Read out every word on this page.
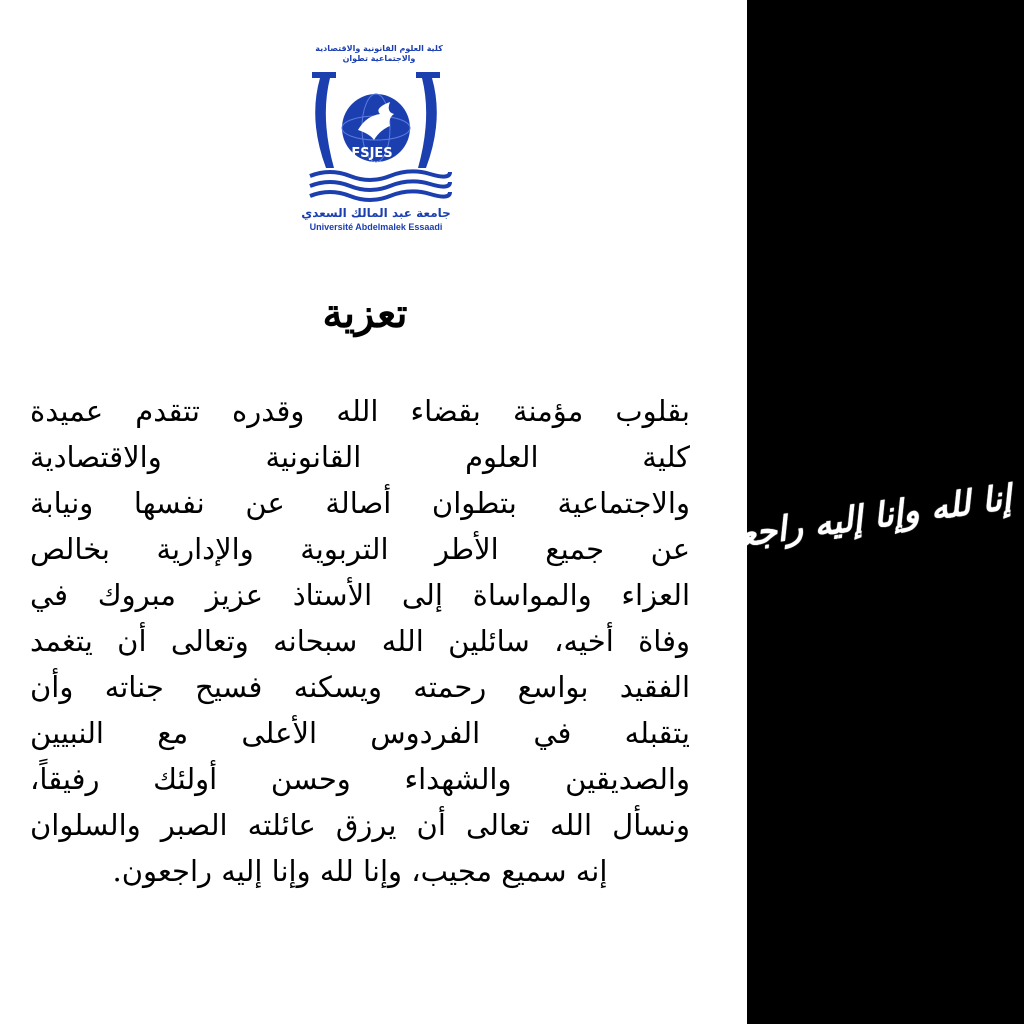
كلية العلوم القانونية والاقتصادية والاجتماعية تطوان
FSJES
TETOUAN
جامعة عبد المالك السعدي
Université Abdelmalek Essaadi
تعزية
بقلوب مؤمنة بقضاء الله وقدره تتقدم عميدة
كلية العلوم القانونية والاقتصادية
والاجتماعية بتطوان أصالة عن نفسها ونيابة
عن جميع الأطر التربوية والإدارية بخالص
العزاء والمواساة إلى الأستاذ عزيز مبروك في
وفاة أخيه، سائلين الله سبحانه وتعالى أن يتغمد
الفقيد بواسع رحمته ويسكنه فسيح جناته وأن
يتقبله في الفردوس الأعلى مع النبيين
والصديقين والشهداء وحسن أولئك رفيقاً،
ونسأل الله تعالى أن يرزق عائلته الصبر والسلوان
إنه سميع مجيب، وإنا لله وإنا إليه راجعون.
إنا لله وإنا إليه راجعون
